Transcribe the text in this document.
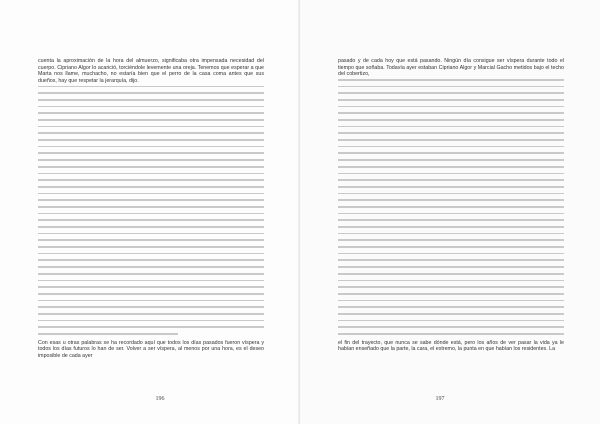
cuenta la aproximación de la hora del almuerzo, significaba otra impensada necesidad del cuerpo. Cipriano Algor lo acarició, torciéndole levemente una oreja. Tenemos que esperar a que Marta nos llame, muchacho, no estaría bien que el perro de la casa coma antes que sus dueños, hay que respetar la jerarquía, dijo.
Con esas u otras palabras se ha recordado aquí que todos los días pasados fueron víspera y todos los días futuros lo han de ser. Volver a ser víspera, al menos por una hora, es el deseo imposible de cada ayer
196	197
pasado y de cada hoy que está pasando. Ningún día consigue ser víspera durante todo el tiempo que soñaba. Todavía ayer estaban Cipriano Algor y Marcial Gacho metidos bajo el techo del cobertizo,
el fin del trayecto, que nunca se sabe dónde está, pero los años de ver pasar la vida ya le habían enseñado que la parte, la cara, el extremo, la punta en que habían los residentes. La
